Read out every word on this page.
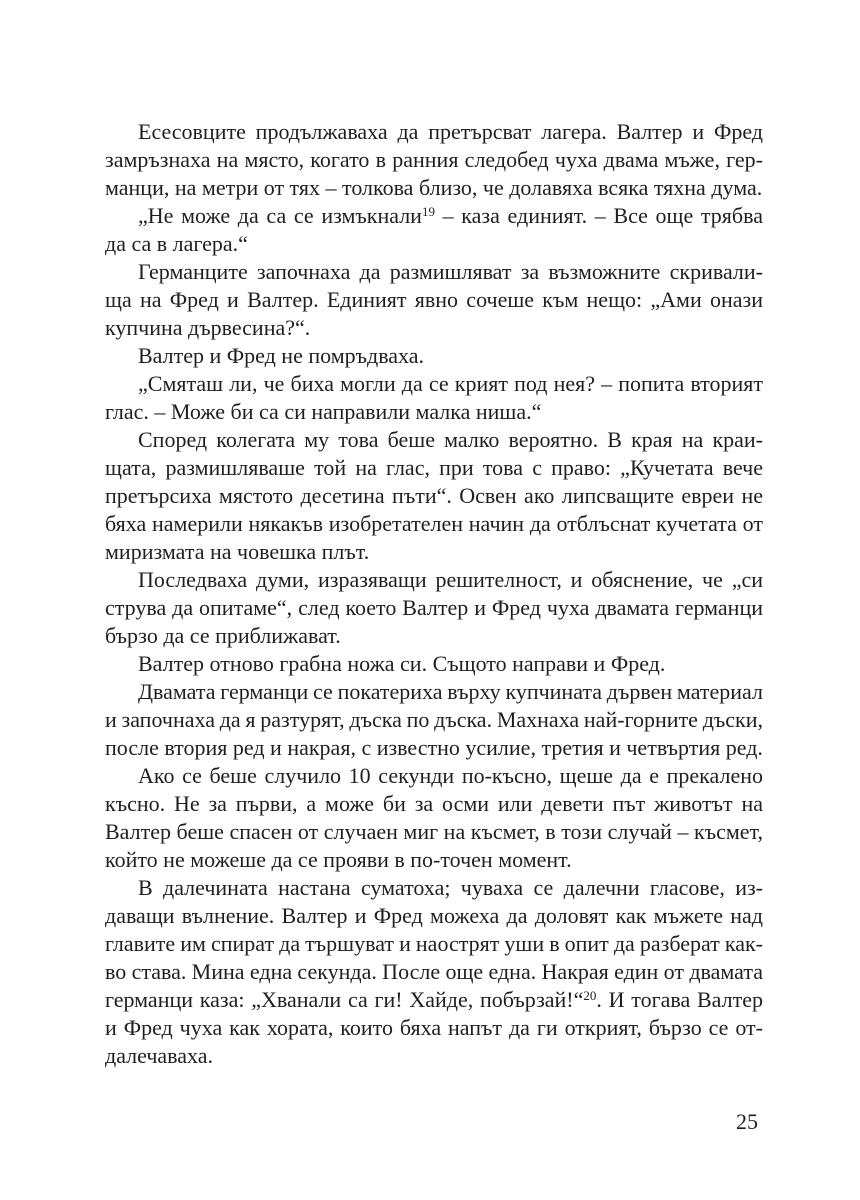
Есесовците продължаваха да претърсват лагера. Валтер и Фред
замръзнаха на място, когато в ранния следобед чуха двама мъже, гер-
манци, на метри от тях – толкова близо, че долавяха всяка тяхна дума.
„Не може да са се измъкнали$^{19}$ – каза единият. – Все още трябва
да са в лагера.“
Германците започнаха да размишляват за възможните скривали-
ща на Фред и Валтер. Единият явно сочеше към нещо: „Ами онази
купчина дървесина?“.
Валтер и Фред не помръдваха.
„Смяташ ли, че биха могли да се крият под нея? – попита вторият
глас. – Може би са си направили малка ниша.“
Според колегата му това беше малко вероятно. В края на краи-
щата, размишляваше той на глас, при това с право: „Кучетата вече
претърсиха мястото десетина пъти“. Освен ако липсващите евреи не
бяха намерили някакъв изобретателен начин да отблъснат кучетата от
миризмата на човешка плът.
Последваха думи, изразяващи решителност, и обяснение, че „си
струва да опитаме“, след което Валтер и Фред чуха двамата германци
бързо да се приближават.
Валтер отново грабна ножа си. Същото направи и Фред.
Двамата германци се покатериха върху купчината дървен материал
и започнаха да я разтурят, дъска по дъска. Махнаха най-горните дъски,
после втория ред и накрая, с известно усилие, третия и четвъртия ред.
Ако се беше случило 10 секунди по-късно, щеше да е прекалено
късно. Не за първи, а може би за осми или девети път животът на
Валтер беше спасен от случаен миг на късмет, в този случай – късмет,
който не можеше да се прояви в по-точен момент.
В далечината настана суматоха; чуваха се далечни гласове, из-
даващи вълнение. Валтер и Фред можеха да доловят как мъжете над
главите им спират да тършуват и наострят уши в опит да разберат как-
во става. Мина една секунда. После още една. Накрая един от двамата
германци каза: „Хванали са ги! Хайде, побързай!“$^{20}$. И тогава Валтер
и Фред чуха как хората, които бяха напът да ги открият, бързо се от-
далечаваха.
25
